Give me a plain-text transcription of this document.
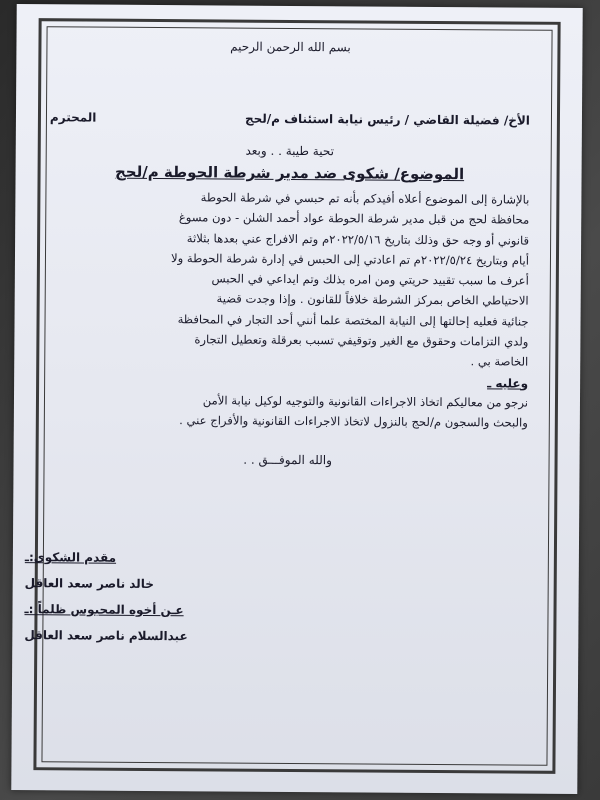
بسم الله الرحمن الرحيم
الأخ/ فضيلة القاضي / رئيس نيابة استئناف م/لحج
المحترم
تحية طيبة . . وبعد
الموضوع/ شكوى ضد مدير شرطة الحوطة م/لحج

بالإشارة إلى الموضوع أعلاه أفيدكم بأنه تم حبسي في شرطة الحوطة
محافظة لحج من قبل مدير شرطة الحوطة عواد أحمد الشلن - دون مسوغ
قانوني أو وجه حق وذلك بتاريخ ٢٠٢٢/٥/١٦م وتم الافراج عني بعدها بثلاثة
أيام وبتاريخ ٢٠٢٢/٥/٢٤م تم اعادتي إلى الحبس في إدارة شرطة الحوطة ولا
أعرف ما سبب تقييد حريتي ومن امره بذلك وتم ايداعي في الحبس
الاحتياطي الخاص بمركز الشرطة خلافاً للقانون . وإذا وجدت قضية
جنائية فعليه إحالتها إلى النيابة المختصة علما أنني أحد التجار في المحافظة
ولدي التزامات وحقوق مع الغير وتوقيفي تسبب بعرقلة وتعطيل التجارة
الخاصة بي .

وعليه ـ

نرجو من معاليكم اتخاذ الاجراءات القانونية والتوجيه لوكيل نيابة الأمن
والبحث والسجون م/لحج بالنزول لاتخاذ الاجراءات القانونية والأفراج عني .

والله الموفـــق . .
مقدم الشكوى:ـ
خالد ناصر سعد العاقل
عـن أخوه المحبوس ظلماً :ـ
عبدالسلام ناصر سعد العاقل
